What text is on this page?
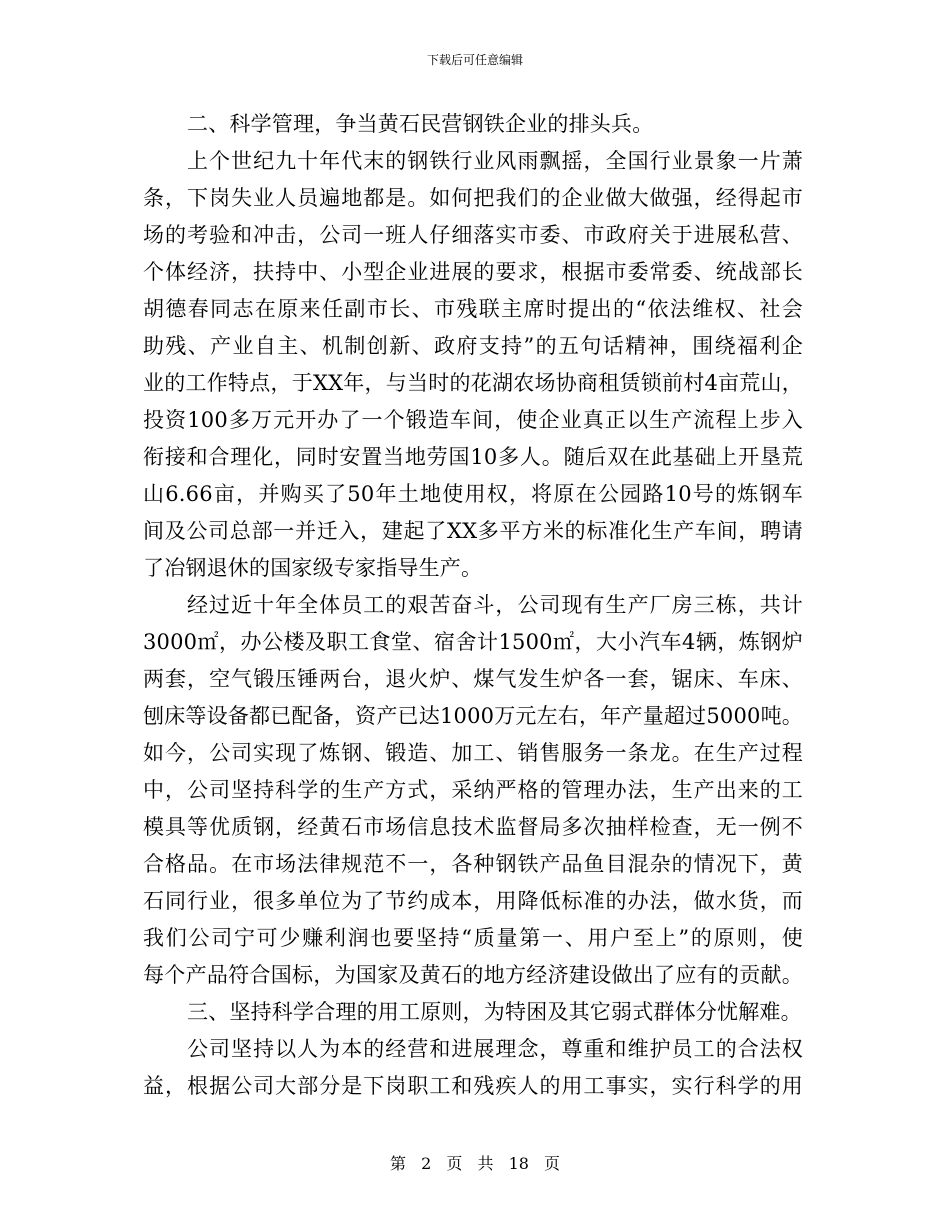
下载后可任意编辑
二、科学管理，争当黄石民营钢铁企业的排头兵。
上个世纪九十年代末的钢铁行业风雨飘摇，全国行业景象一片萧
条，下岗失业人员遍地都是。如何把我们的企业做大做强，经得起市
场的考验和冲击，公司一班人仔细落实市委、市政府关于进展私营、
个体经济，扶持中、小型企业进展的要求，根据市委常委、统战部长
胡德春同志在原来任副市长、市残联主席时提出的“依法维权、社会
助残、产业自主、机制创新、政府支持”的五句话精神，围绕福利企
业的工作特点，于XX年，与当时的花湖农场协商租赁锁前村4亩荒山，
投资100多万元开办了一个锻造车间，使企业真正以生产流程上步入
衔接和合理化，同时安置当地劳国10多人。随后双在此基础上开垦荒
山6.66亩，并购买了50年土地使用权，将原在公园路10号的炼钢车
间及公司总部一并迁入，建起了XX多平方米的标准化生产车间，聘请
了冶钢退休的国家级专家指导生产。
经过近十年全体员工的艰苦奋斗，公司现有生产厂房三栋，共计
3000㎡，办公楼及职工食堂、宿舍计1500㎡，大小汽车4辆，炼钢炉
两套，空气锻压锤两台，退火炉、煤气发生炉各一套，锯床、车床、
刨床等设备都已配备，资产已达1000万元左右，年产量超过5000吨。
如今，公司实现了炼钢、锻造、加工、销售服务一条龙。在生产过程
中，公司坚持科学的生产方式，采纳严格的管理办法，生产出来的工
模具等优质钢，经黄石市场信息技术监督局多次抽样检查，无一例不
合格品。在市场法律规范不一，各种钢铁产品鱼目混杂的情况下，黄
石同行业，很多单位为了节约成本，用降低标准的办法，做水货，而
我们公司宁可少赚利润也要坚持“质量第一、用户至上”的原则，使
每个产品符合国标，为国家及黄石的地方经济建设做出了应有的贡献。
三、坚持科学合理的用工原则，为特困及其它弱式群体分忧解难。
公司坚持以人为本的经营和进展理念，尊重和维护员工的合法权
益，根据公司大部分是下岗职工和残疾人的用工事实，实行科学的用
第 2 页 共 18 页
